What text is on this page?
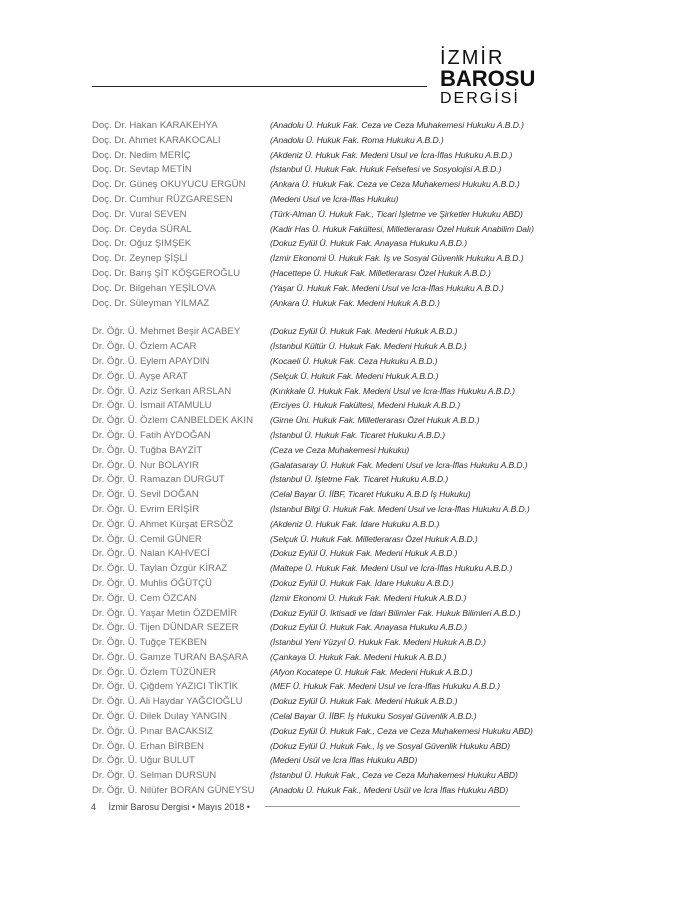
İZMİR
BAROSU
DERGİSİ
Doç. Dr. Hakan KARAKEHYA	(Anadolu Ü. Hukuk Fak. Ceza ve Ceza Muhakemesi Hukuku A.B.D.)
Doç. Dr. Ahmet KARAKOCALI	(Anadolu Ü. Hukuk Fak. Roma Hukuku A.B.D.)
Doç. Dr. Nedim MERİÇ	(Akdeniz Ü. Hukuk Fak. Medeni Usul ve İcra-İflas Hukuku A.B.D.)
Doç. Dr. Sevtap METİN	(İstanbul Ü. Hukuk Fak. Hukuk Felsefesi ve Sosyolojisi A.B.D.)
Doç. Dr. Güneş OKUYUCU ERGÜN	(Ankara Ü. Hukuk Fak. Ceza ve Ceza Muhakemesi Hukuku A.B.D.)
Doç. Dr. Cumhur RÜZGARESEN	(Medeni Usul ve İcra-İflas Hukuku)
Doç. Dr. Vural SEVEN	(Türk-Alman Ü. Hukuk Fak., Ticari İşletme ve Şirketler Hukuku ABD)
Doç. Dr. Ceyda SÜRAL	(Kadir Has Ü. Hukuk Fakültesi, Milletlerarası Özel Hukuk Anabilim Dalı)
Doç. Dr. Oğuz ŞIMŞEK	(Dokuz Eylül Ü. Hukuk Fak. Anayasa Hukuku A.B.D.)
Doç. Dr. Zeynep ŞİŞLİ	(İzmir Ekonomi Ü. Hukuk Fak. İş ve Sosyal Güvenlik Hukuku A.B.D.)
Doç. Dr. Barış ŞİT KÖŞGEROĞLU	(Hacettepe Ü. Hukuk Fak. Milletlerarası Özel Hukuk A.B.D.)
Doç. Dr. Bilgehan YEŞİLOVA	(Yaşar Ü. Hukuk Fak. Medeni Usul ve İcra-İflas Hukuku A.B.D.)
Doç. Dr. Süleyman YILMAZ	(Ankara Ü. Hukuk Fak. Medeni Hukuk A.B.D.)
Dr. Öğr. Ü. Mehmet Beşir ACABEY	(Dokuz Eylül Ü. Hukuk Fak. Medeni Hukuk A.B.D.)
Dr. Öğr. Ü. Özlem ACAR	(İstanbul Kültür Ü. Hukuk Fak. Medeni Hukuk A.B.D.)
Dr. Öğr. Ü. Eylem APAYDIN	(Kocaeli Ü. Hukuk Fak. Ceza Hukuku A.B.D.)
Dr. Öğr. Ü. Ayşe ARAT	(Selçuk Ü. Hukuk Fak. Medeni Hukuk A.B.D.)
Dr. Öğr. Ü. Aziz Serkan ARSLAN	(Kırıkkale Ü. Hukuk Fak. Medeni Usul ve İcra-İflas Hukuku A.B.D.)
Dr. Öğr. Ü. İsmail ATAMULU	(Erciyes Ü. Hukuk Fakültesi, Medeni Hukuk A.B.D.)
Dr. Öğr. Ü. Özlem CANBELDEK AKIN (Girne Üni. Hukuk Fak. Milletlerarası Özel Hukuk A.B.D.)
Dr. Öğr. Ü. Fatih AYDOĞAN	(İstanbul Ü. Hukuk Fak. Ticaret Hukuku A.B.D.)
Dr. Öğr. Ü. Tuğba BAYZİT	(Ceza ve Ceza Muhakemesi Hukuku)
Dr. Öğr. Ü. Nur BOLAYIR	(Galatasaray Ü. Hukuk Fak. Medeni Usul ve İcra-İflas Hukuku A.B.D.)
Dr. Öğr. Ü. Ramazan DURGUT	(İstanbul Ü. İşletme Fak. Ticaret Hukuku A.B.D.)
Dr. Öğr. Ü. Sevil DOĞAN	(Celal Bayar Ü. İİBF, Ticaret Hukuku A.B.D İş Hukuku)
Dr. Öğr. Ü. Evrim ERİŞİR	(İstanbul Bilgi Ü. Hukuk Fak. Medeni Usul ve İcra-İflas Hukuku A.B.D.)
Dr. Öğr. Ü. Ahmet Kürşat ERSÖZ	(Akdeniz Ü. Hukuk Fak. İdare Hukuku A.B.D.)
Dr. Öğr. Ü. Cemil GÜNER	(Selçuk Ü. Hukuk Fak. Milletlerarası Özel Hukuk A.B.D.)
Dr. Öğr. Ü. Nalan KAHVECİ	(Dokuz Eylül Ü. Hukuk Fak. Medeni Hukuk A.B.D.)
Dr. Öğr. Ü. Taylan Özgür KİRAZ	(Maltepe Ü. Hukuk Fak. Medeni Usul ve İcra-İflas Hukuku A.B.D.)
Dr. Öğr. Ü. Muhlis ÖĞÜTÇÜ	(Dokuz Eylül Ü. Hukuk Fak. İdare Hukuku A.B.D.)
Dr. Öğr. Ü. Cem ÖZCAN	(İzmir Ekonomi Ü. Hukuk Fak. Medeni Hukuk A.B.D.)
Dr. Öğr. Ü. Yaşar Metin ÖZDEMİR	(Dokuz Eylül Ü. İktisadi ve İdari Bilimler Fak. Hukuk Bilimleri A.B.D.)
Dr. Öğr. Ü. Tijen DÜNDAR SEZER	(Dokuz Eylül Ü. Hukuk Fak. Anayasa Hukuku A.B.D.)
Dr. Öğr. Ü. Tuğçe TEKBEN	(İstanbul Yeni Yüzyıl Ü. Hukuk Fak. Medeni Hukuk A.B.D.)
Dr. Öğr. Ü. Gamze TURAN BAŞARA	(Çankaya Ü. Hukuk Fak. Medeni Hukuk A.B.D.)
Dr. Öğr. Ü. Özlem TÜZÜNER	(Afyon Kocatepe Ü. Hukuk Fak. Medeni Hukuk A.B.D.)
Dr. Öğr. Ü. Çiğdem YAZICI TİKTİK	(MEF Ü. Hukuk Fak. Medeni Usul ve İcra-İflas Hukuku A.B.D.)
Dr. Öğr. Ü. Ali Haydar YAĞCIOĞLU	(Dokuz Eylül Ü. Hukuk Fak. Medeni Hukuk A.B.D.)
Dr. Öğr. Ü. Dilek Dulay YANGIN	(Celal Bayar Ü. İİBF. İş Hukuku Sosyal Güvenlik A.B.D.)
Dr. Öğr. Ü. Pınar BACAKSIZ	(Dokuz Eylül Ü. Hukuk Fak., Ceza ve Ceza Muhakemesi Hukuku ABD)
Dr. Öğr. Ü. Erhan BİRBEN	(Dokuz Eylül Ü. Hukuk Fak., İş ve Sosyal Güvenlik Hukuku ABD)
Dr. Öğr. Ü. Uğur BULUT	(Medeni Usül ve İcra İflas Hukuku ABD)
Dr. Öğr. Ü. Selman DURSUN	(İstanbul Ü. Hukuk Fak., Ceza ve Ceza Muhakemesi Hukuku ABD)
Dr. Öğr. Ü. Nilüfer BORAN GÜNEYSU (Anadolu Ü. Hukuk Fak., Medeni Usül ve İcra İflas Hukuku ABD)
4 İzmir Barosu Dergisi • Mayıs 2018 •
